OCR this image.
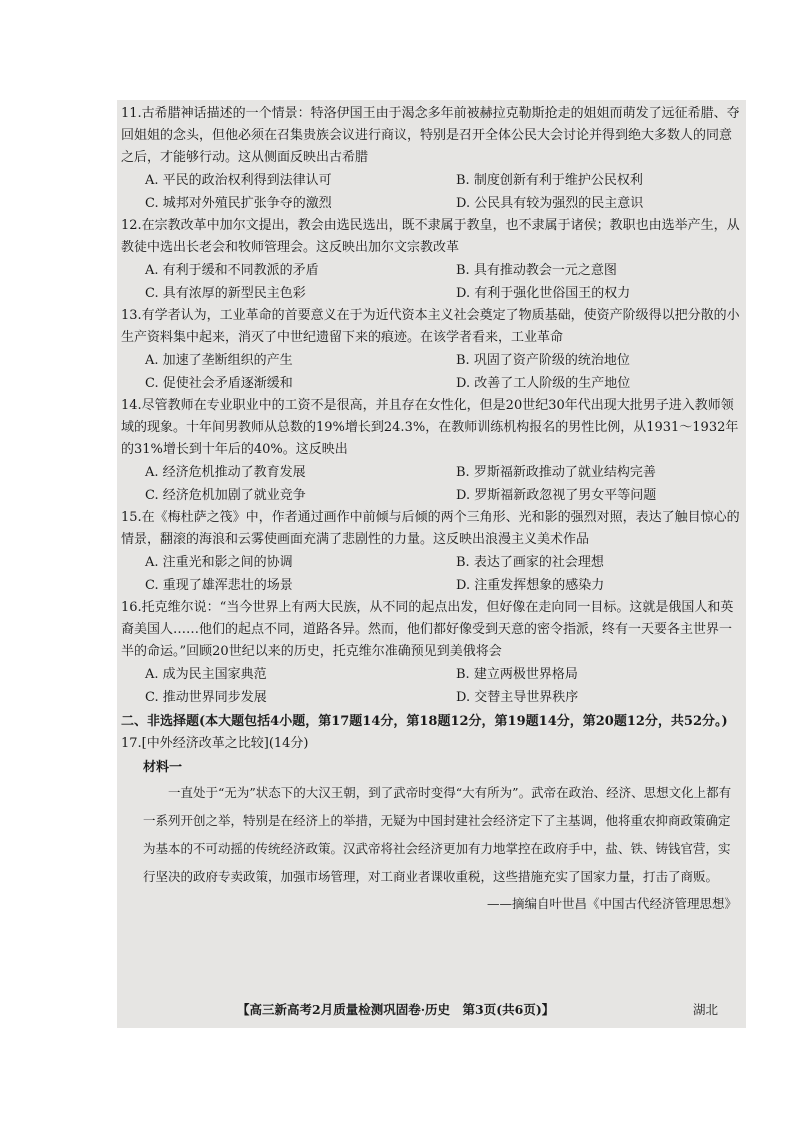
11.古希腊神话描述的一个情景：特洛伊国王由于渴念多年前被赫拉克勒斯抢走的姐姐而萌发了远征希腊、夺回姐姐的念头，但他必须在召集贵族会议进行商议，特别是召开全体公民大会讨论并得到绝大多数人的同意之后，才能够行动。这从侧面反映出古希腊

A. 平民的政治权利得到法律认可	B. 制度创新有利于维护公民权利
C. 城邦对外殖民扩张争夺的激烈	D. 公民具有较为强烈的民主意识

12.在宗教改革中加尔文提出，教会由选民选出，既不隶属于教皇，也不隶属于诸侯；教职也由选举产生，从教徒中选出长老会和牧师管理会。这反映出加尔文宗教改革

A. 有利于缓和不同教派的矛盾	B. 具有推动教会一元之意图
C. 具有浓厚的新型民主色彩	D. 有利于强化世俗国王的权力

13.有学者认为，工业革命的首要意义在于为近代资本主义社会奠定了物质基础，使资产阶级得以把分散的小生产资料集中起来，消灭了中世纪遗留下来的痕迹。在该学者看来，工业革命

A. 加速了垄断组织的产生	B. 巩固了资产阶级的统治地位
C. 促使社会矛盾逐渐缓和	D. 改善了工人阶级的生产地位

14.尽管教师在专业职业中的工资不是很高，并且存在女性化，但是20世纪30年代出现大批男子进入教师领域的现象。十年间男教师从总数的19%增长到24.3%，在教师训练机构报名的男性比例，从1931～1932年的31%增长到十年后的40%。这反映出

A. 经济危机推动了教育发展	B. 罗斯福新政推动了就业结构完善
C. 经济危机加剧了就业竞争	D. 罗斯福新政忽视了男女平等问题

15.在《梅杜萨之筏》中，作者通过画作中前倾与后倾的两个三角形、光和影的强烈对照，表达了触目惊心的情景，翻滚的海浪和云雾使画面充满了悲剧性的力量。这反映出浪漫主义美术作品

A. 注重光和影之间的协调	B. 表达了画家的社会理想
C. 重现了雄浑悲壮的场景	D. 注重发挥想象的感染力

16.托克维尔说：“当今世界上有两大民族，从不同的起点出发，但好像在走向同一目标。这就是俄国人和英裔美国人……他们的起点不同，道路各异。然而，他们都好像受到天意的密令指派，终有一天要各主世界一半的命运。”回顾20世纪以来的历史，托克维尔准确预见到美俄将会

A. 成为民主国家典范	B. 建立两极世界格局
C. 推动世界同步发展	D. 交替主导世界秩序
二、非选择题(本大题包括4小题，第17题14分，第18题12分，第19题14分，第20题12分，共52分。)
17.[中外经济改革之比较](14分)
材料一

一直处于“无为”状态下的大汉王朝，到了武帝时变得“大有所为”。武帝在政治、经济、思想文化上都有一系列开创之举，特别是在经济上的举措，无疑为中国封建社会经济定下了主基调，他将重农抑商政策确定为基本的不可动摇的传统经济政策。汉武帝将社会经济更加有力地掌控在政府手中，盐、铁、铸钱官营，实行坚决的政府专卖政策，加强市场管理，对工商业者课收重税，这些措施充实了国家力量，打击了商贩。

——摘编自叶世昌《中国古代经济管理思想》
【高三新高考2月质量检测巩固卷·历史　第3页(共6页)】	湖北
